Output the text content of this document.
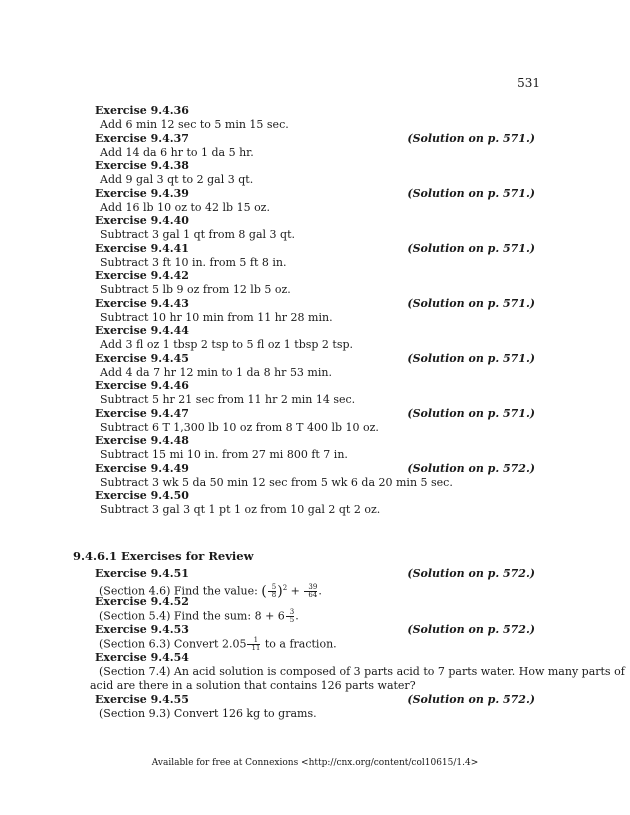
531
Exercise 9.4.36
Add 6 min 12 sec to 5 min 15 sec.
Exercise 9.4.37	(Solution on p. 571.)
Add 14 da 6 hr to 1 da 5 hr.
Exercise 9.4.38
Add 9 gal 3 qt to 2 gal 3 qt.
Exercise 9.4.39	(Solution on p. 571.)
Add 16 lb 10 oz to 42 lb 15 oz.
Exercise 9.4.40
Subtract 3 gal 1 qt from 8 gal 3 qt.
Exercise 9.4.41	(Solution on p. 571.)
Subtract 3 ft 10 in. from 5 ft 8 in.
Exercise 9.4.42
Subtract 5 lb 9 oz from 12 lb 5 oz.
Exercise 9.4.43	(Solution on p. 571.)
Subtract 10 hr 10 min from 11 hr 28 min.
Exercise 9.4.44
Add 3 fl oz 1 tbsp 2 tsp to 5 fl oz 1 tbsp 2 tsp.
Exercise 9.4.45	(Solution on p. 571.)
Add 4 da 7 hr 12 min to 1 da 8 hr 53 min.
Exercise 9.4.46
Subtract 5 hr 21 sec from 11 hr 2 min 14 sec.
Exercise 9.4.47	(Solution on p. 571.)
Subtract 6 T 1,300 lb 10 oz from 8 T 400 lb 10 oz.
Exercise 9.4.48
Subtract 15 mi 10 in. from 27 mi 800 ft 7 in.
Exercise 9.4.49	(Solution on p. 572.)
Subtract 3 wk 5 da 50 min 12 sec from 5 wk 6 da 20 min 5 sec.
Exercise 9.4.50
Subtract 3 gal 3 qt 1 pt 1 oz from 10 gal 2 qt 2 oz.
9.4.6.1 Exercises for Review
Exercise 9.4.51	(Solution on p. 572.)
(Section 4.6) Find the value: ( $\frac{5}{8} )^2 + \frac{39}{64}$ .
Exercise 9.4.52
(Section 5.4) Find the sum: $8 + 6 \frac{3}{5}$ .
Exercise 9.4.53	(Solution on p. 572.)
(Section 6.3) Convert $2.05 \frac{1}{11}$ to a fraction.
Exercise 9.4.54
(Section 7.4) An acid solution is composed of 3 parts acid to 7 parts water. How many parts of
acid are there in a solution that contains 126 parts water?
Exercise 9.4.55	(Solution on p. 572.)
(Section 9.3) Convert 126 kg to grams.
Available for free at Connexions <http://cnx.org/content/col10615/1.4>
